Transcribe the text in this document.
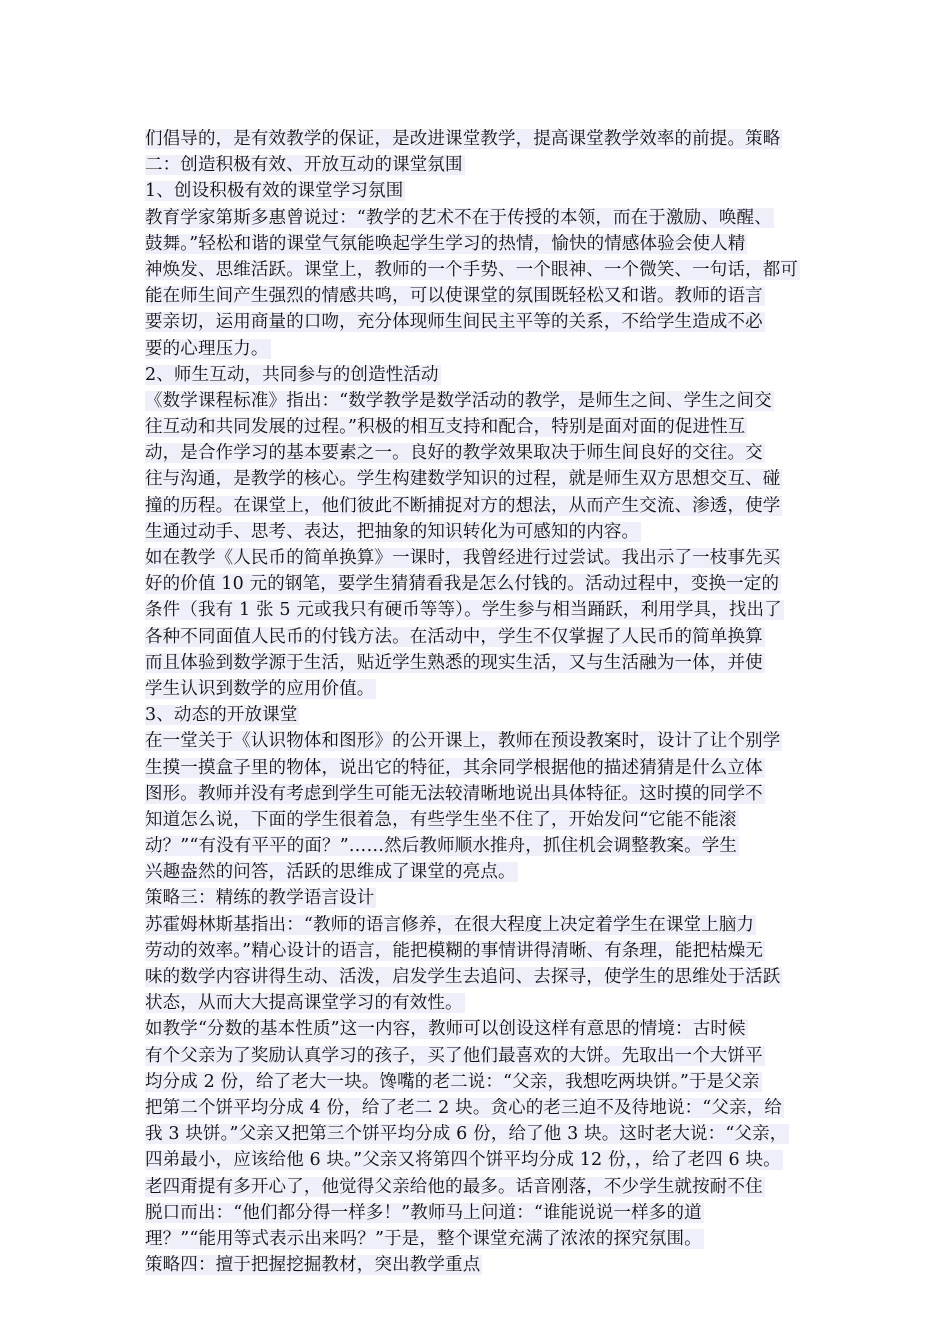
们倡导的，是有效教学的保证，是改进课堂教学，提高课堂教学效率的前提。策略
二：创造积极有效、开放互动的课堂氛围
1、创设积极有效的课堂学习氛围
教育学家第斯多惠曾说过：“教学的艺术不在于传授的本领，而在于激励、唤醒、
鼓舞。”轻松和谐的课堂气氛能唤起学生学习的热情，愉快的情感体验会使人精
神焕发、思维活跃。课堂上，教师的一个手势、一个眼神、一个微笑、一句话，都可
能在师生间产生强烈的情感共鸣，可以使课堂的氛围既轻松又和谐。教师的语言
要亲切，运用商量的口吻，充分体现师生间民主平等的关系，不给学生造成不必
要的心理压力。
2、师生互动，共同参与的创造性活动
《数学课程标准》指出：“数学教学是数学活动的教学，是师生之间、学生之间交
往互动和共同发展的过程。”积极的相互支持和配合，特别是面对面的促进性互
动，是合作学习的基本要素之一。良好的教学效果取决于师生间良好的交往。交
往与沟通，是教学的核心。学生构建数学知识的过程，就是师生双方思想交互、碰
撞的历程。在课堂上，他们彼此不断捕捉对方的想法，从而产生交流、渗透，使学
生通过动手、思考、表达，把抽象的知识转化为可感知的内容。
如在教学《人民币的简单换算》一课时，我曾经进行过尝试。我出示了一枝事先买
好的价值 10 元的钢笔，要学生猜猜看我是怎么付钱的。活动过程中，变换一定的
条件（我有 1 张 5 元或我只有硬币等等）。学生参与相当踊跃，利用学具，找出了
各种不同面值人民币的付钱方法。在活动中，学生不仅掌握了人民币的简单换算
而且体验到数学源于生活，贴近学生熟悉的现实生活，又与生活融为一体，并使
学生认识到数学的应用价值。
3、动态的开放课堂
在一堂关于《认识物体和图形》的公开课上，教师在预设教案时，设计了让个别学
生摸一摸盒子里的物体，说出它的特征，其余同学根据他的描述猜猜是什么立体
图形。教师并没有考虑到学生可能无法较清晰地说出具体特征。这时摸的同学不
知道怎么说，下面的学生很着急，有些学生坐不住了，开始发问“它能不能滚
动？”“有没有平平的面？”……然后教师顺水推舟，抓住机会调整教案。学生
兴趣盎然的问答，活跃的思维成了课堂的亮点。
策略三：精练的教学语言设计
苏霍姆林斯基指出：“教师的语言修养，在很大程度上决定着学生在课堂上脑力
劳动的效率。”精心设计的语言，能把模糊的事情讲得清晰、有条理，能把枯燥无
味的数学内容讲得生动、活泼，启发学生去追问、去探寻，使学生的思维处于活跃
状态，从而大大提高课堂学习的有效性。
如教学“分数的基本性质”这一内容，教师可以创设这样有意思的情境：古时候
有个父亲为了奖励认真学习的孩子，买了他们最喜欢的大饼。先取出一个大饼平
均分成 2 份，给了老大一块。馋嘴的老二说：“父亲，我想吃两块饼。”于是父亲
把第二个饼平均分成 4 份，给了老二 2 块。贪心的老三迫不及待地说：“父亲，给
我 3 块饼。”父亲又把第三个饼平均分成 6 份，给了他 3 块。这时老大说：“父亲，
四弟最小，应该给他 6 块。”父亲又将第四个饼平均分成 12 份，，给了老四 6 块。
老四甭提有多开心了，他觉得父亲给他的最多。话音刚落，不少学生就按耐不住
脱口而出：“他们都分得一样多！”教师马上问道：“谁能说说一样多的道
理？”“能用等式表示出来吗？”于是，整个课堂充满了浓浓的探究氛围。
策略四：擅于把握挖掘教材，突出教学重点
